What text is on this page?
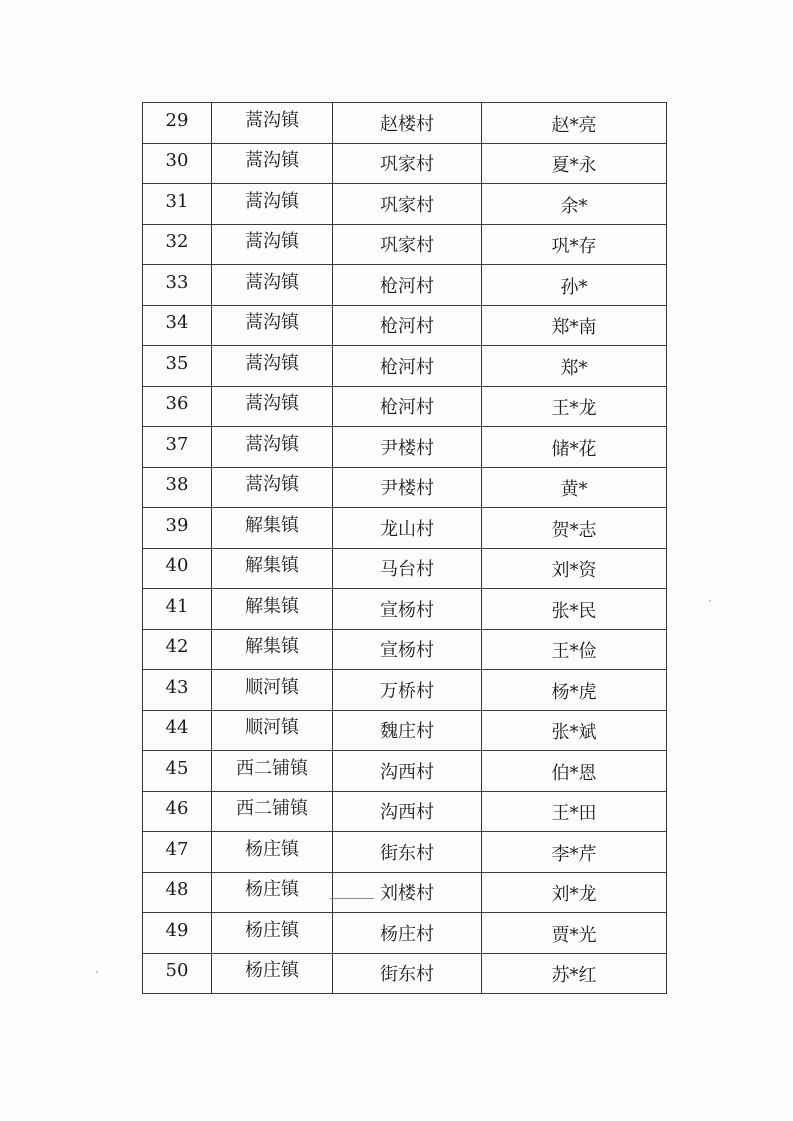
29	蒿沟镇	赵楼村	赵*亮
30	蒿沟镇	巩家村	夏*永
31	蒿沟镇	巩家村	余*
32	蒿沟镇	巩家村	巩*存
33	蒿沟镇	枪河村	孙*
34	蒿沟镇	枪河村	郑*南
35	蒿沟镇	枪河村	郑*
36	蒿沟镇	枪河村	王*龙
37	蒿沟镇	尹楼村	储*花
38	蒿沟镇	尹楼村	黄*
39	解集镇	龙山村	贺*志
40	解集镇	马台村	刘*资
41	解集镇	宣杨村	张*民
42	解集镇	宣杨村	王*俭
43	顺河镇	万桥村	杨*虎
44	顺河镇	魏庄村	张*斌
45	西二铺镇	沟西村	伯*恩
46	西二铺镇	沟西村	王*田
47	杨庄镇	街东村	李*芹
48	杨庄镇	刘楼村	刘*龙
49	杨庄镇	杨庄村	贾*光
50	杨庄镇	街东村	苏*红
